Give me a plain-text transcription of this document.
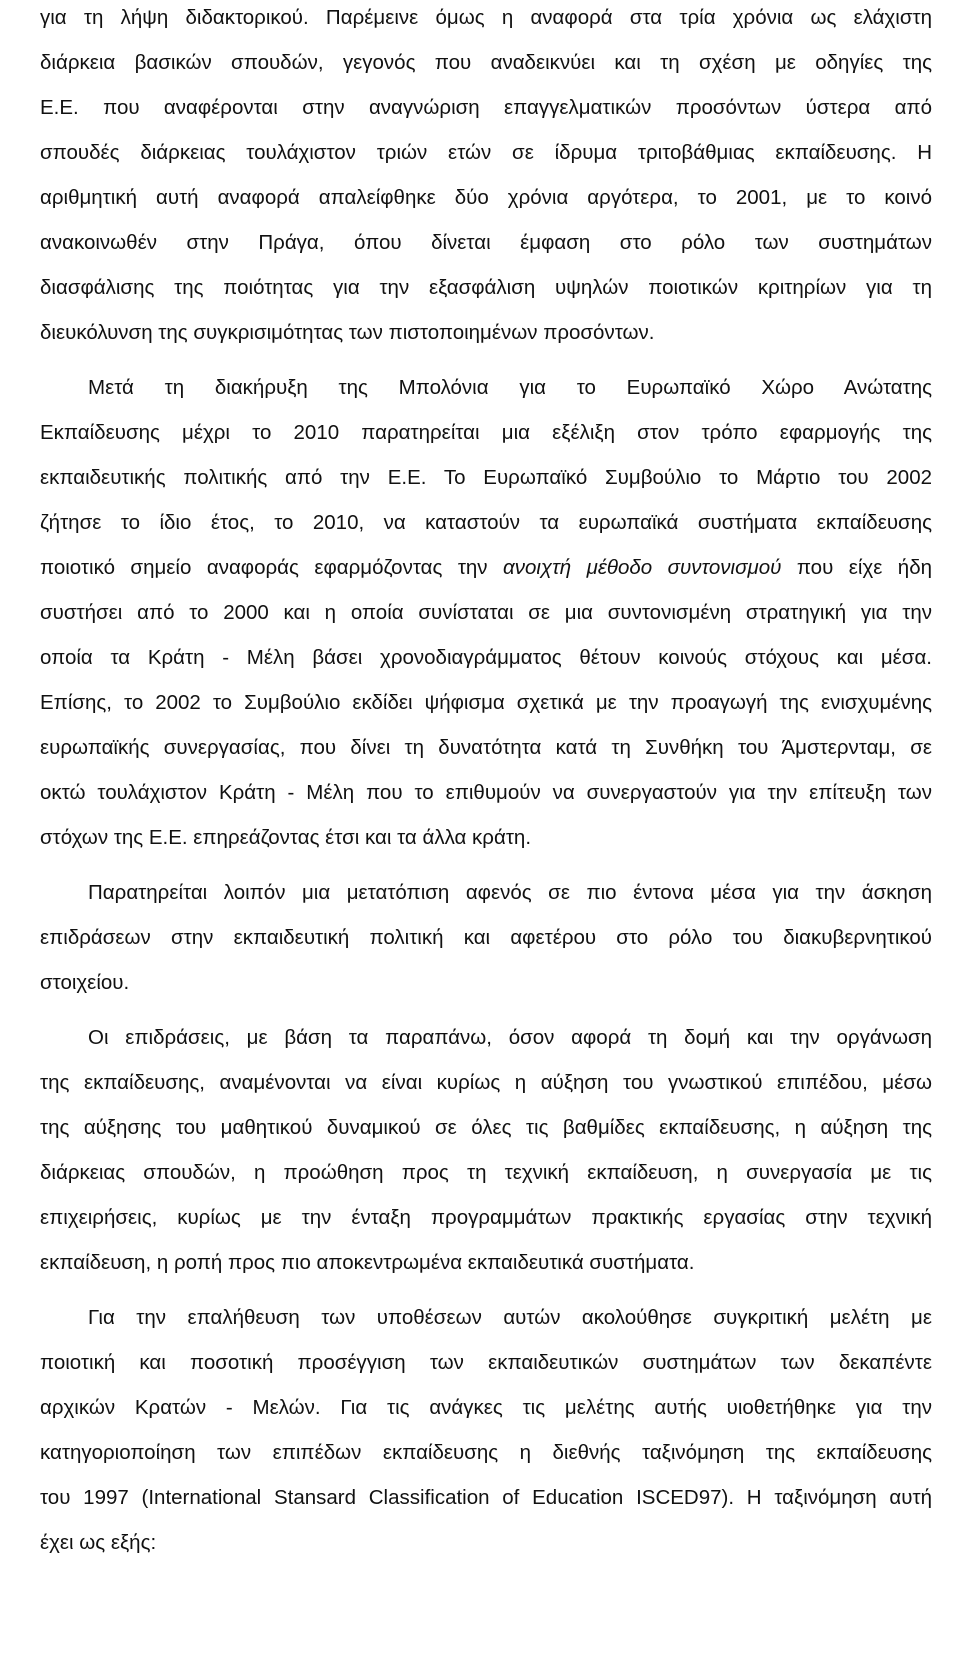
για τη λήψη διδακτορικού. Παρέμεινε όμως η αναφορά στα τρία χρόνια ως ελάχιστη
διάρκεια βασικών σπουδών, γεγονός που αναδεικνύει και τη σχέση με οδηγίες της
Ε.Ε. που αναφέρονται στην αναγνώριση επαγγελματικών προσόντων ύστερα από
σπουδές διάρκειας τουλάχιστον τριών ετών σε ίδρυμα τριτοβάθμιας εκπαίδευσης. Η
αριθμητική αυτή αναφορά απαλείφθηκε δύο χρόνια αργότερα, το 2001, με το κοινό
ανακοινωθέν στην Πράγα, όπου δίνεται έμφαση στο ρόλο των συστημάτων
διασφάλισης της ποιότητας για την εξασφάλιση υψηλών ποιοτικών κριτηρίων για τη
διευκόλυνση της συγκρισιμότητας των πιστοποιημένων προσόντων.
Μετά τη διακήρυξη της Μπολόνια για το Ευρωπαϊκό Χώρο Ανώτατης
Εκπαίδευσης μέχρι το 2010 παρατηρείται μια εξέλιξη στον τρόπο εφαρμογής της
εκπαιδευτικής πολιτικής από την Ε.Ε. Το Ευρωπαϊκό Συμβούλιο το Μάρτιο του 2002
ζήτησε το ίδιο έτος, το 2010, να καταστούν τα ευρωπαϊκά συστήματα εκπαίδευσης
ποιοτικό σημείο αναφοράς εφαρμόζοντας την ανοιχτή μέθοδο συντονισμού που είχε ήδη
συστήσει από το 2000 και η οποία συνίσταται σε μια συντονισμένη στρατηγική για την
οποία τα Κράτη - Μέλη βάσει χρονοδιαγράμματος θέτουν κοινούς στόχους και μέσα.
Επίσης, το 2002 το Συμβούλιο εκδίδει ψήφισμα σχετικά με την προαγωγή της ενισχυμένης
ευρωπαϊκής συνεργασίας, που δίνει τη δυνατότητα κατά τη Συνθήκη του Άμστερνταμ, σε
οκτώ τουλάχιστον Κράτη - Μέλη που το επιθυμούν να συνεργαστούν για την επίτευξη των
στόχων της Ε.Ε. επηρεάζοντας έτσι και τα άλλα κράτη.
Παρατηρείται λοιπόν μια μετατόπιση αφενός σε πιο έντονα μέσα για την άσκηση
επιδράσεων στην εκπαιδευτική πολιτική και αφετέρου στο ρόλο του διακυβερνητικού
στοιχείου.
Οι επιδράσεις, με βάση τα παραπάνω, όσον αφορά τη δομή και την οργάνωση
της εκπαίδευσης, αναμένονται να είναι κυρίως η αύξηση του γνωστικού επιπέδου, μέσω
της αύξησης του μαθητικού δυναμικού σε όλες τις βαθμίδες εκπαίδευσης, η αύξηση της
διάρκειας σπουδών, η προώθηση προς τη τεχνική εκπαίδευση, η συνεργασία με τις
επιχειρήσεις, κυρίως με την ένταξη προγραμμάτων πρακτικής εργασίας στην τεχνική
εκπαίδευση, η ροπή προς πιο αποκεντρωμένα εκπαιδευτικά συστήματα.
Για την επαλήθευση των υποθέσεων αυτών ακολούθησε συγκριτική μελέτη με
ποιοτική και ποσοτική προσέγγιση των εκπαιδευτικών συστημάτων των δεκαπέντε
αρχικών Κρατών - Μελών. Για τις ανάγκες τις μελέτης αυτής υιοθετήθηκε για την
κατηγοριοποίηση των επιπέδων εκπαίδευσης η διεθνής ταξινόμηση της εκπαίδευσης
του 1997 (International Stansard Classification of Education ISCED97). Η ταξινόμηση αυτή
έχει ως εξής:
